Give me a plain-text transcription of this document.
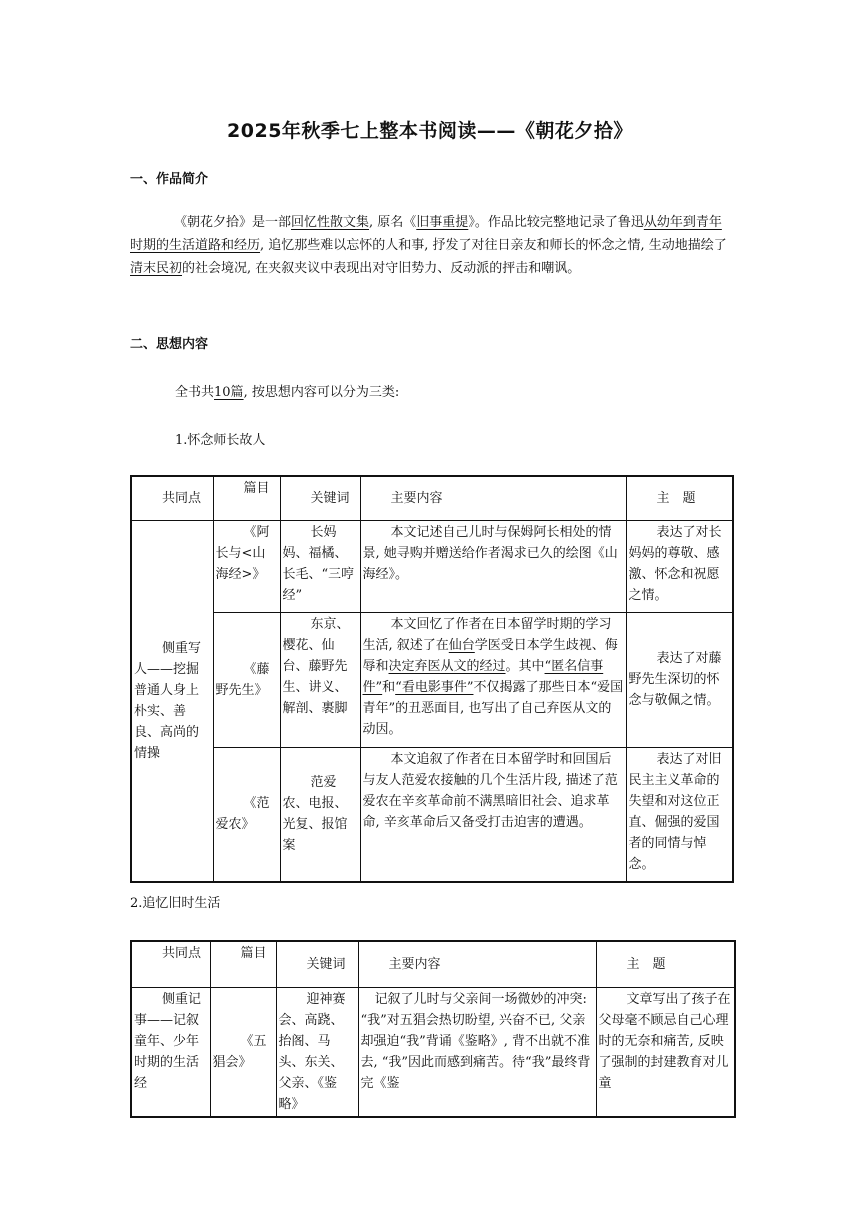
2025年秋季七上整本书阅读——《朝花夕拾》
一、作品简介
《朝花夕拾》是一部回忆性散文集, 原名《旧事重提》。作品比较完整地记录了鲁迅从幼年到青年时期的生活道路和经历, 追忆那些难以忘怀的人和事, 抒发了对往日亲友和师长的怀念之情, 生动地描绘了清末民初的社会境况, 在夹叙夹议中表现出对守旧势力、反动派的抨击和嘲讽。
二、思想内容
全书共10篇, 按思想内容可以分为三类:
1.怀念师长故人
共同点	篇目	关键词	主要内容	主　题
侧重写人——挖掘普通人身上朴实、善良、高尚的情操	《阿长与<山海经>》	长妈妈、福橘、长毛、“三哼经”	本文记述自己儿时与保姆阿长相处的情景, 她寻购并赠送给作者渴求已久的绘图《山海经》。	表达了对长妈妈的尊敬、感激、怀念和祝愿之情。
	《藤野先生》	东京、樱花、仙台、藤野先生、讲义、解剖、裹脚	本文回忆了作者在日本留学时期的学习生活, 叙述了在仙台学医受日本学生歧视、侮辱和决定弃医从文的经过。其中“匿名信事件”和“看电影事件”不仅揭露了那些日本“爱国青年”的丑恶面目, 也写出了自己弃医从文的动因。	表达了对藤野先生深切的怀念与敬佩之情。
	《范爱农》	范爱农、电报、光复、报馆案	本文追叙了作者在日本留学时和回国后与友人范爱农接触的几个生活片段, 描述了范爱农在辛亥革命前不满黑暗旧社会、追求革命, 辛亥革命后又备受打击迫害的遭遇。	表达了对旧民主主义革命的失望和对这位正直、倔强的爱国者的同情与悼念。
2.追忆旧时生活
共同点	篇目	关键词	主要内容	主　题
侧重记事——记叙童年、少年时期的生活经	《五猖会》	迎神赛会、高跷、抬阁、马头、东关、父亲、《鉴略》	记叙了儿时与父亲间一场微妙的冲突: “我”对五猖会热切盼望, 兴奋不已, 父亲却强迫“我”背诵《鉴略》, 背不出就不准去, “我”因此而感到痛苦。待“我”最终背完《鉴	文章写出了孩子在父母毫不顾忌自己心理时的无奈和痛苦, 反映了强制的封建教育对儿童
